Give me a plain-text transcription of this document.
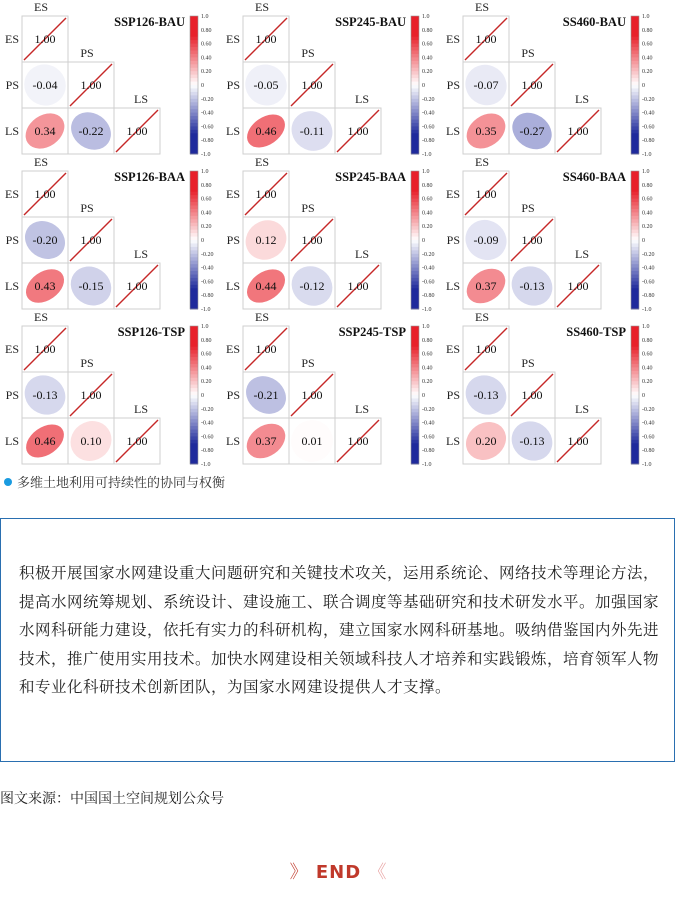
SSP126-BAU
ES
PS
LS
ES
PS
LS
1.00
1.00
1.00
-0.04
0.34 -0.22
1.0
0.80
0.60
0.40
0.20
0
-0.20
-0.40
-0.60
-0.80
-1.0
SSP245-BAU
ES
PS
LS
ES
PS
LS
1.00
1.00
1.00
-0.05
0.46 -0.11
1.0
0.80
0.60
0.40
0.20
0
-0.20
-0.40
-0.60
-0.80
-1.0
SS460-BAU
ES
PS
LS
ES
PS
LS
1.00
1.00
1.00
-0.07
0.35 -0.27
1.0
0.80
0.60
0.40
0.20
0
-0.20
-0.40
-0.60
-0.80
-1.0
SSP126-BAA
ES
PS
LS
ES
PS
LS
1.00
1.00
1.00
-0.20
0.43 -0.15
1.0
0.80
0.60
0.40
0.20
0
-0.20
-0.40
-0.60
-0.80
-1.0
SSP245-BAA
ES
PS
LS
ES
PS
LS
1.00
1.00
1.00
0.12
0.44 -0.12
1.0
0.80
0.60
0.40
0.20
0
-0.20
-0.40
-0.60
-0.80
-1.0
SS460-BAA
ES
PS
LS
ES
PS
LS
1.00
1.00
1.00
-0.09
0.37 -0.13
1.0
0.80
0.60
0.40
0.20
0
-0.20
-0.40
-0.60
-0.80
-1.0
SSP126-TSP
ES
PS
LS
ES
PS
LS
1.00
1.00
1.00
-0.13
0.46 0.10
1.0
0.80
0.60
0.40
0.20
0
-0.20
-0.40
-0.60
-0.80
-1.0
SSP245-TSP
ES
PS
LS
ES
PS
LS
1.00
1.00
1.00
-0.21
0.37 0.01
1.0
0.80
0.60
0.40
0.20
0
-0.20
-0.40
-0.60
-0.80
-1.0
SS460-TSP
ES
PS
LS
ES
PS
LS
1.00
1.00
1.00
-0.13
0.20 -0.13
1.0
0.80
0.60
0.40
0.20
0
-0.20
-0.40
-0.60
-0.80
-1.0
多维土地利用可持续性的协同与权衡

积极开展国家水网建设重大问题研究和关键技术攻关，运用系统论、网络技术等理论方法，提高水网统筹规划、系统设计、建设施工、联合调度等基础研究和技术研发水平。加强国家水网科研能力建设，依托有实力的科研机构，建立国家水网科研基地。吸纳借鉴国内外先进技术，推广使用实用技术。加快水网建设相关领域科技人才培养和实践锻炼，培育领军人物和专业化科研技术创新团队，为国家水网建设提供人才支撑。

图文来源：中国国土空间规划公众号
》 END 《
